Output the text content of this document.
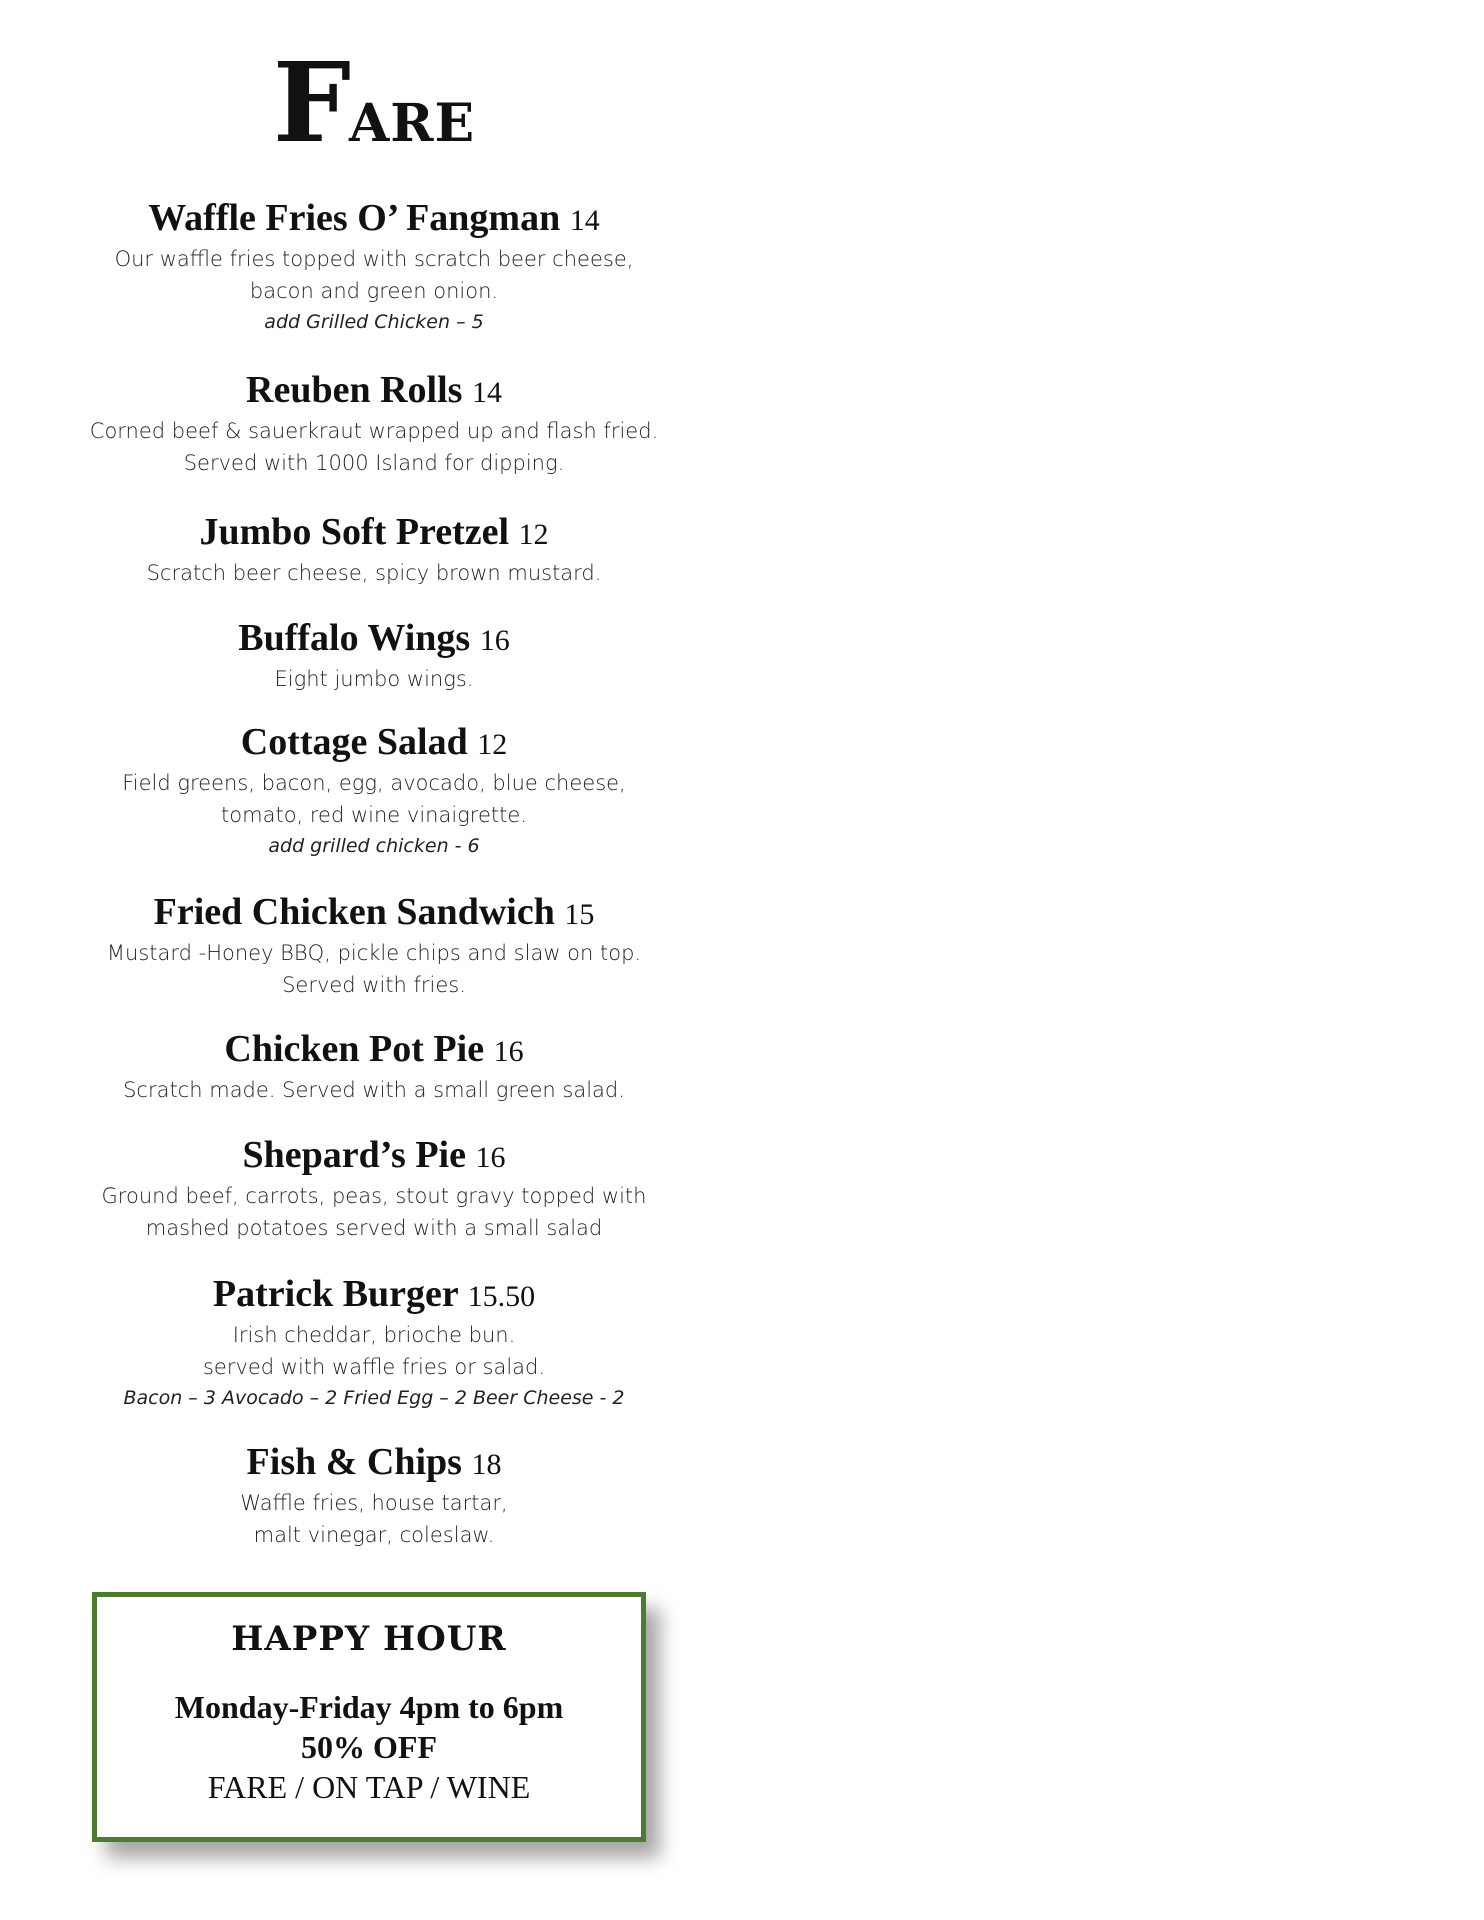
FARE
Waffle Fries O’ Fangman 14
Our waffle fries topped with scratch beer cheese,
bacon and green onion.
add Grilled Chicken – 5
Reuben Rolls 14
Corned beef & sauerkraut wrapped up and flash fried.
Served with 1000 Island for dipping.
Jumbo Soft Pretzel 12
Scratch beer cheese, spicy brown mustard.
Buffalo Wings 16
Eight jumbo wings.
Cottage Salad 12
Field greens, bacon, egg, avocado, blue cheese,
tomato, red wine vinaigrette.
add grilled chicken - 6
Fried Chicken Sandwich 15
Mustard -Honey BBQ, pickle chips and slaw on top.
Served with fries.
Chicken Pot Pie 16
Scratch made. Served with a small green salad.
Shepard’s Pie 16
Ground beef, carrots, peas, stout gravy topped with
mashed potatoes served with a small salad
Patrick Burger 15.50
Irish cheddar, brioche bun.
served with waffle fries or salad.
Bacon – 3 Avocado – 2 Fried Egg – 2 Beer Cheese - 2
Fish & Chips 18
Waffle fries, house tartar,
malt vinegar, coleslaw.
HAPPY HOUR
Monday-Friday 4pm to 6pm
50% OFF
FARE / ON TAP / WINE
